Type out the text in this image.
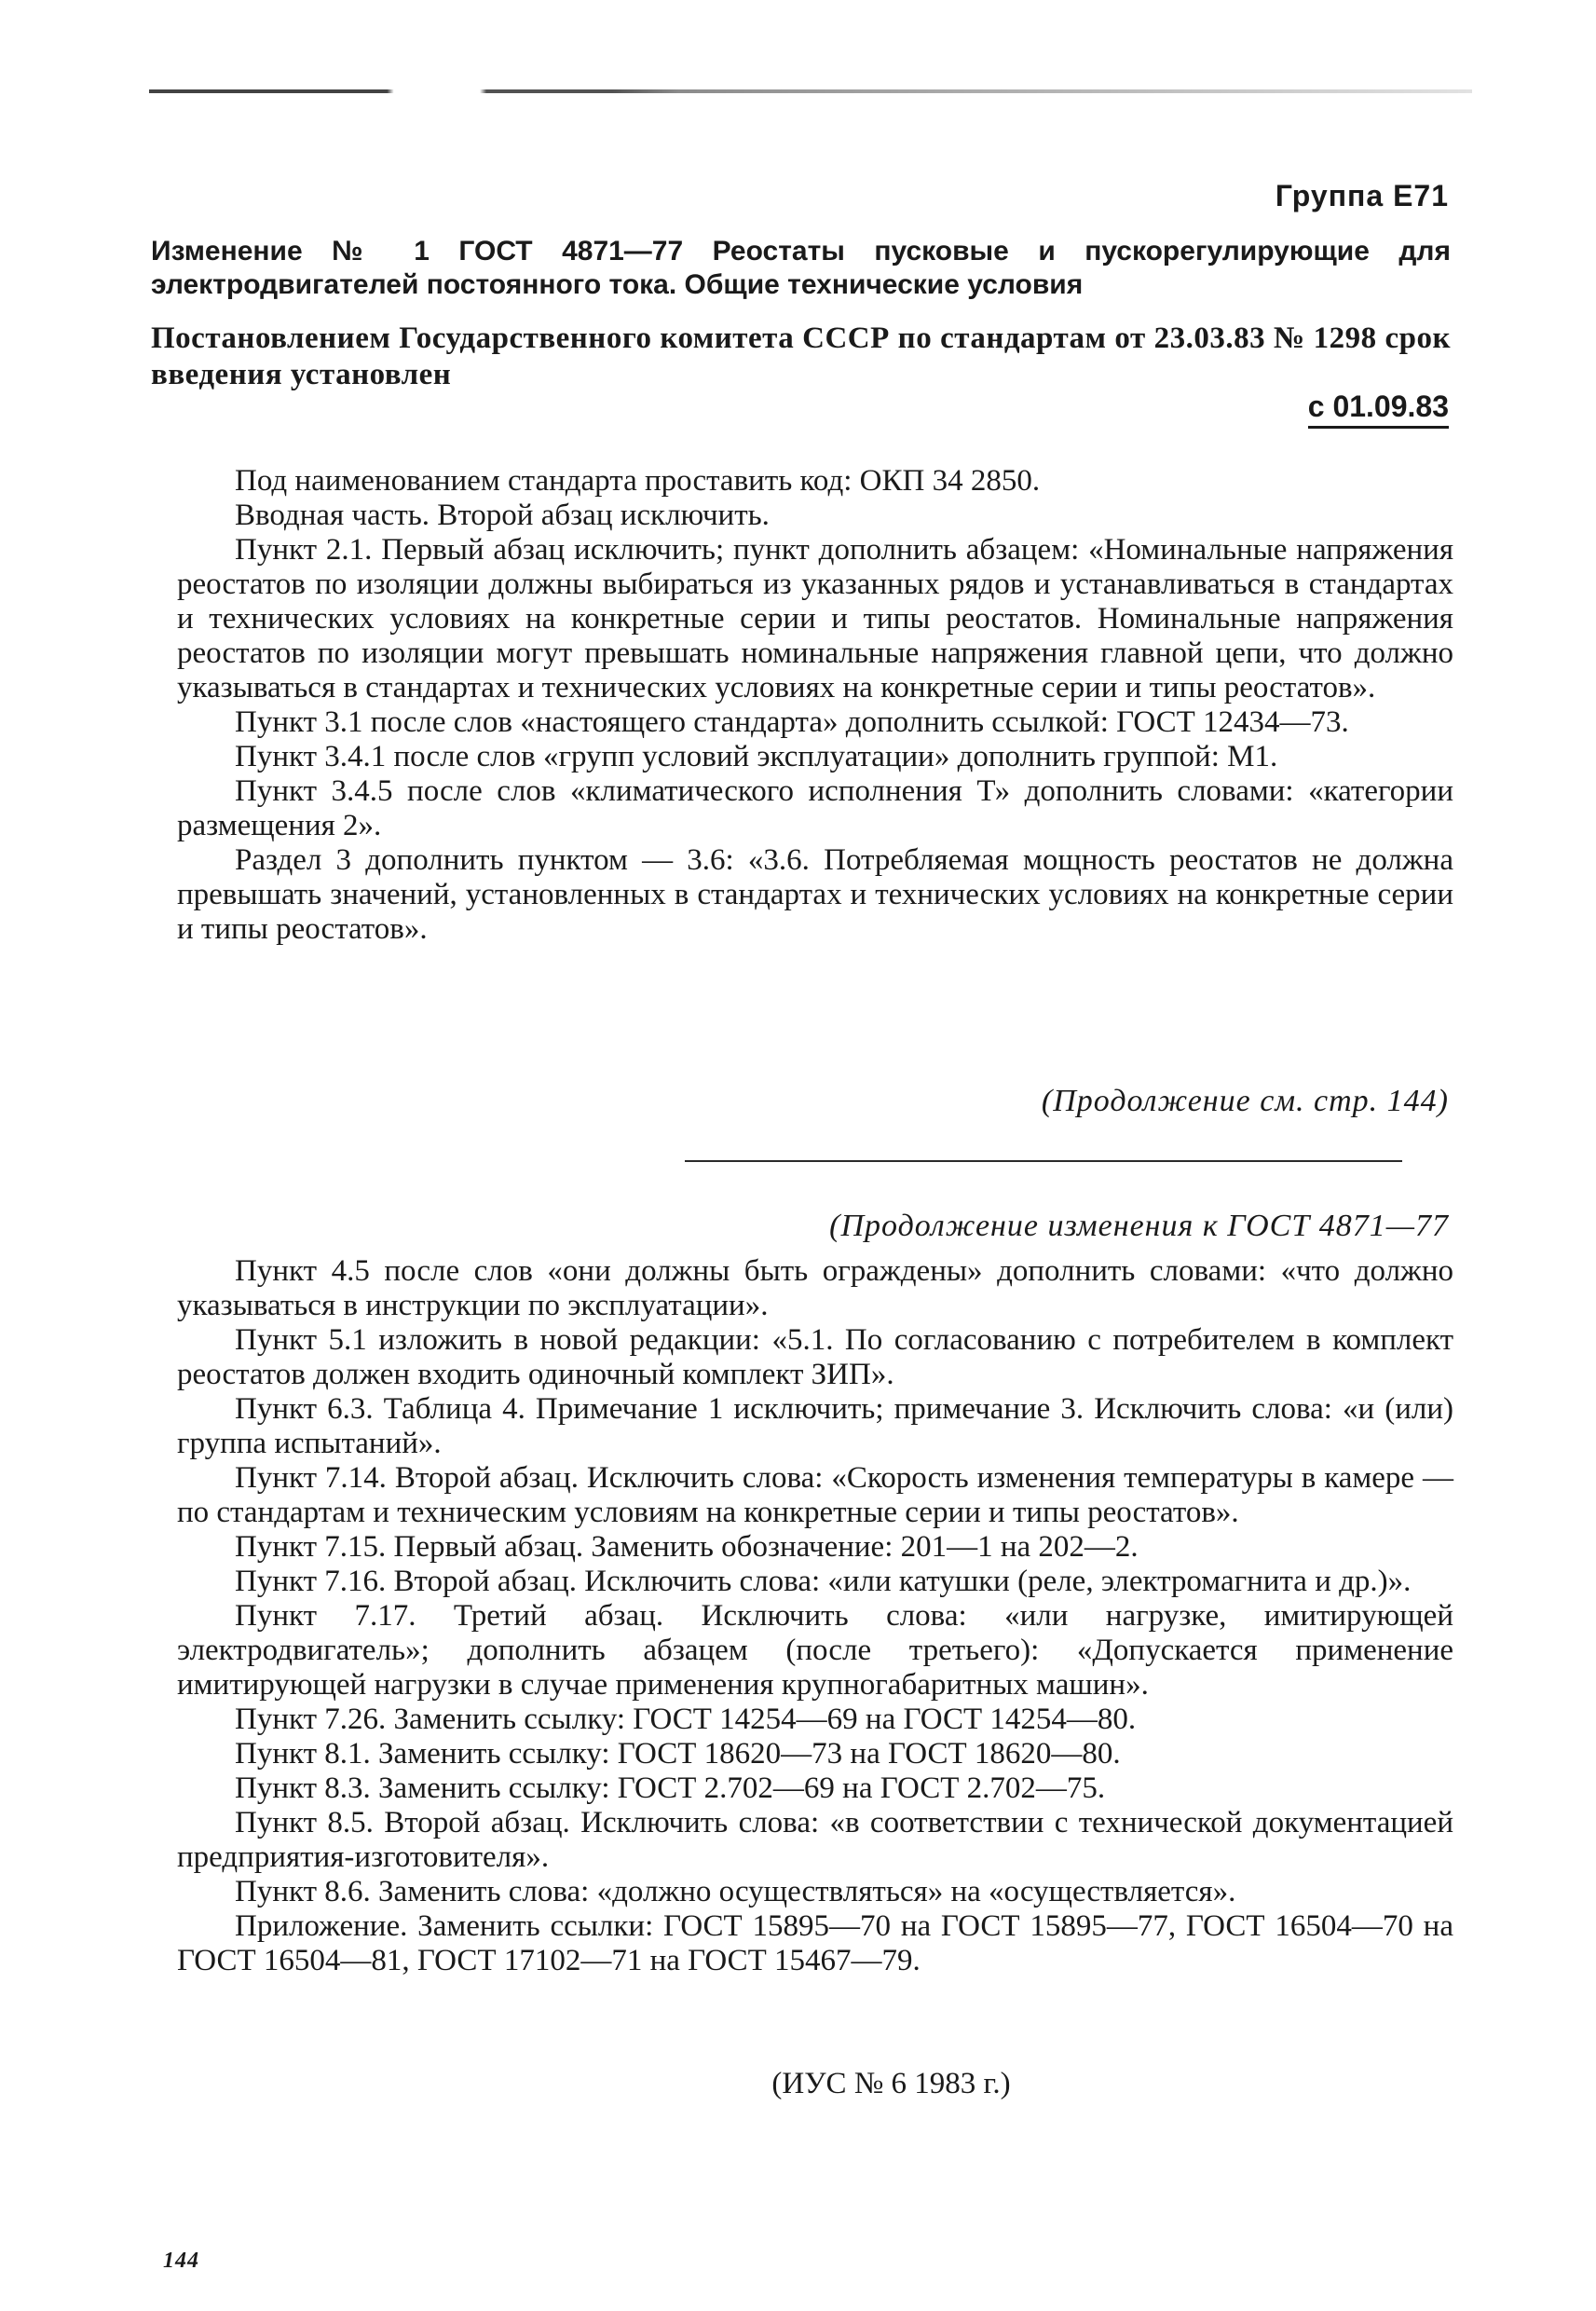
Группа Е71
Изменение № 1 ГОСТ 4871—77 Реостаты пусковые и пускорегулирующие для электродвигателей постоянного тока. Общие технические условия
Постановлением Государственного комитета СССР по стандартам от 23.03.83 № 1298 срок введения установлен
с 01.09.83

Под наименованием стандарта проставить код: ОКП 34 2850.

Вводная часть. Второй абзац исключить.

Пункт 2.1. Первый абзац исключить; пункт дополнить абзацем: «Номинальные напряжения реостатов по изоляции должны выбираться из указанных рядов и устанавливаться в стандартах и технических условиях на конкретные серии и типы реостатов. Номинальные напряжения реостатов по изоляции могут превышать номинальные напряжения главной цепи, что должно указываться в стандартах и технических условиях на конкретные серии и типы реостатов».

Пункт 3.1 после слов «настоящего стандарта» дополнить ссылкой: ГОСТ 12434—73.

Пункт 3.4.1 после слов «групп условий эксплуатации» дополнить группой: М1.

Пункт 3.4.5 после слов «климатического исполнения Т» дополнить словами: «категории размещения 2».

Раздел 3 дополнить пунктом — 3.6: «3.6. Потребляемая мощность реостатов не должна превышать значений, установленных в стандартах и технических условиях на конкретные серии и типы реостатов».

(Продолжение см. стр. 144)
(Продолжение изменения к ГОСТ 4871—77

Пункт 4.5 после слов «они должны быть ограждены» дополнить словами: «что должно указываться в инструкции по эксплуатации».

Пункт 5.1 изложить в новой редакции: «5.1. По согласованию с потребителем в комплект реостатов должен входить одиночный комплект ЗИП».

Пункт 6.3. Таблица 4. Примечание 1 исключить; примечание 3. Исключить слова: «и (или) группа испытаний».

Пункт 7.14. Второй абзац. Исключить слова: «Скорость изменения температуры в камере — по стандартам и техническим условиям на конкретные серии и типы реостатов».

Пункт 7.15. Первый абзац. Заменить обозначение: 201—1 на 202—2.

Пункт 7.16. Второй абзац. Исключить слова: «или катушки (реле, электромагнита и др.)».

Пункт 7.17. Третий абзац. Исключить слова: «или нагрузке, имитирующей электродвигатель»; дополнить абзацем (после третьего): «Допускается применение имитирующей нагрузки в случае применения крупногабаритных машин».

Пункт 7.26. Заменить ссылку: ГОСТ 14254—69 на ГОСТ 14254—80.

Пункт 8.1. Заменить ссылку: ГОСТ 18620—73 на ГОСТ 18620—80.

Пункт 8.3. Заменить ссылку: ГОСТ 2.702—69 на ГОСТ 2.702—75.

Пункт 8.5. Второй абзац. Исключить слова: «в соответствии с технической документацией предприятия-изготовителя».

Пункт 8.6. Заменить слова: «должно осуществляться» на «осуществляется».

Приложение. Заменить ссылки: ГОСТ 15895—70 на ГОСТ 15895—77, ГОСТ 16504—70 на ГОСТ 16504—81, ГОСТ 17102—71 на ГОСТ 15467—79.

(ИУС № 6 1983 г.)
144
